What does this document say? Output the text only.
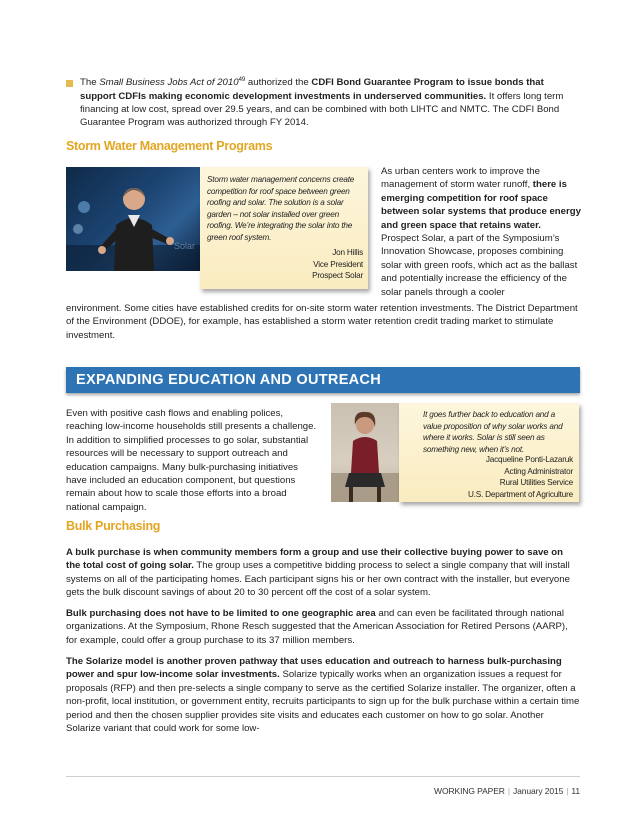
The Small Business Jobs Act of 2010$^{49}$ authorized the CDFI Bond Guarantee Program to issue bonds that support CDFIs making economic development investments in underserved communities. It offers long term financing at low cost, spread over 29.5 years, and can be combined with both LIHTC and NMTC. The CDFI Bond Guarantee Program was authorized through FY 2014.
Storm Water Management Programs
Solar
Storm water management concerns create competition for roof space between green roofing and solar. The solution is a solar garden – not solar installed over green roofing. We’re integrating the solar into the green roof system.
Jon Hillis
Vice President
Prospect Solar
As urban centers work to improve the management of storm water runoff, there is emerging competition for roof space between solar systems that produce energy and green space that retains water. Prospect Solar, a part of the Symposium’s Innovation Showcase, proposes combining solar with green roofs, which act as the ballast and potentially increase the efficiency of the solar panels through a cooler
environment. Some cities have established credits for on-site storm water retention investments. The District Department of the Environment (DDOE), for example, has established a storm water retention credit trading market to stimulate investment.
EXPANDING EDUCATION AND OUTREACH
Even with positive cash flows and enabling polices, reaching low-income households still presents a challenge. In addition to simplified processes to go solar, substantial resources will be necessary to support outreach and education campaigns. Many bulk-purchasing initiatives have included an education component, but questions remain about how to scale those efforts into a broad national campaign.
It goes further back to education and a value proposition of why solar works and where it works. Solar is still seen as something new, when it’s not.
Jacqueline Ponti-Lazaruk
Acting Administrator
Rural Utilities Service
U.S. Department of Agriculture
Bulk Purchasing
A bulk purchase is when community members form a group and use their collective buying power to save on the total cost of going solar. The group uses a competitive bidding process to select a single company that will install systems on all of the participating homes. Each participant signs his or her own contract with the installer, but everyone gets the bulk discount savings of about 20 to 30 percent off the cost of a solar system.
Bulk purchasing does not have to be limited to one geographic area and can even be facilitated through national organizations. At the Symposium, Rhone Resch suggested that the American Association for Retired Persons (AARP), for example, could offer a group purchase to its 37 million members.
The Solarize model is another proven pathway that uses education and outreach to harness bulk-purchasing power and spur low-income solar investments. Solarize typically works when an organization issues a request for proposals (RFP) and then pre-selects a single company to serve as the certified Solarize installer. The organizer, often a non-profit, local institution, or government entity, recruits participants to sign up for the bulk purchase within a certain time period and then the chosen supplier provides site visits and educates each customer on how to go solar. Another Solarize variant that could work for some low-
WORKING PAPER | January 2015 | 11
